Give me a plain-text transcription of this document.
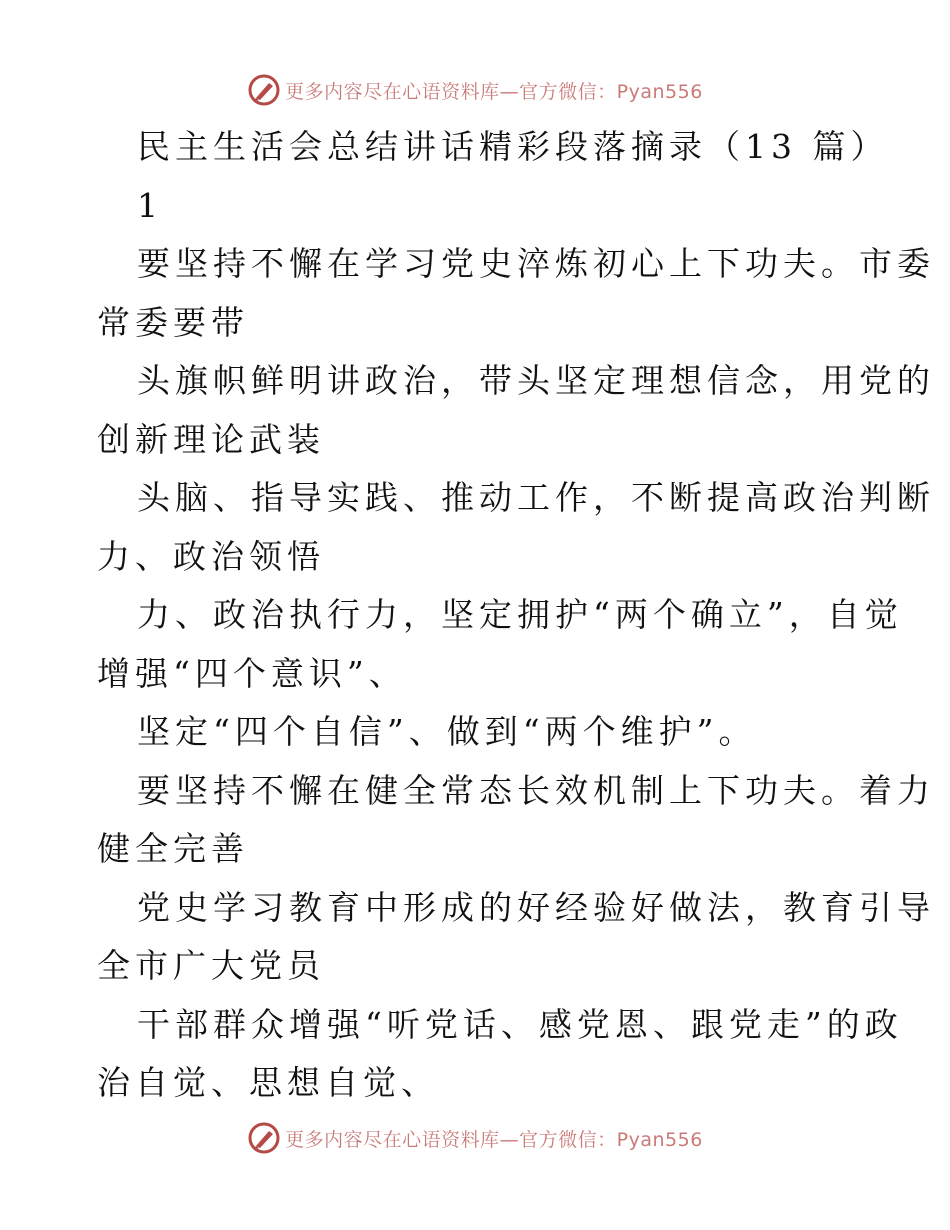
更多内容尽在心语资料库—官方微信：Pyan556
民主生活会总结讲话精彩段落摘录（13 篇）
1
要坚持不懈在学习党史淬炼初心上下功夫。市委
常委要带
头旗帜鲜明讲政治，带头坚定理想信念，用党的
创新理论武装
头脑、指导实践、推动工作，不断提高政治判断
力、政治领悟
力、政治执行力，坚定拥护“两个确立”，自觉
增强“四个意识”、
坚定“四个自信”、做到“两个维护”。
要坚持不懈在健全常态长效机制上下功夫。着力
健全完善
党史学习教育中形成的好经验好做法，教育引导
全市广大党员
干部群众增强“听党话、感党恩、跟党走”的政
治自觉、思想自觉、
更多内容尽在心语资料库—官方微信：Pyan556
